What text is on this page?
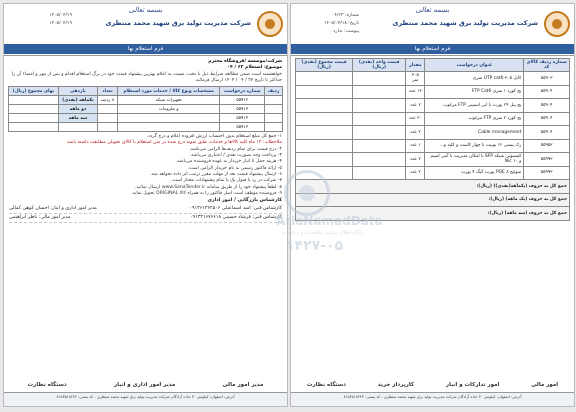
بسمه تعالی
شرکت مدیریت تولید برق شهید محمد منتظری
۱۴۰۵/۰۴/۱۹
۱۴۰۵/۰۴/۱۹
فرم استعلام بها
شرکت/موسسه /فروشگاه محترم
موضوع: استعلام ۶۳ / ۰۴
خواهشمند است ضمن مطالعه شرایط ذیل با دقت، نسبت به اعلام بهترین پیشنهاد قیمت خود در برگ استعلام اقدام و پس از مهر و امضاء آن را حداکثر تا تاریخ ۲۷ / ۰۴ / ۱۴۰۴ ارسال فرمائید.
ردیف	شماره درخواست	مشخصات ونوع کالا / خدمات مورد استعلام	تعداد	بازدهی	بهای مجموع (ریال)
	۵۵۹۱۲	تجهیزات شبکه	۸ ردیف	یکماهه (نقدی)	
	۵۵۹۱۳	و ملزومات		دو ماهه	
	۵۵۹۱۴			سه ماهه	
	۵۵۹۱۳				
۱- جمع کل مبلغ استعلام بدون احتساب ارزش افزوده اعلام و درج گردد.
ملاحظات: ۱۲ ماه کلیه کالاها و خدمات، طبق نمونه درج شده در متن استعلام با کالای تحویلی مطابقت داشته باشد.
۲- درج قیمت برای تمام ردیف‌ها الزامی می‌باشد.
۳- پرداخت وجه بصورت نقدی / اعتباری می‌باشد.
۴- هزینه حمل تا انبار خریدار به عهده فروشنده می‌باشد.
۵- ارائه فاکتور رسمی به نام خریدار الزامی است.
۶- ارسال پیشنهاد قیمت بعد از مهلت مقرر ترتیب اثر داده نخواهد شد.
۷- شرکت در رد یا قبول یک یا تمام پیشنهادات مختار است.
۸- لطفاً پیشنهاد خود را از طریق سامانه www.SanaTender.ir ارسال نمائید.
۹- فروشنده موظف است اصل فاکتور را به همراه کالا ORIGINAL تحویل نماید.
کارشناس بازرگانی / امور اداری
کارشناس فنی: امید اسماعیلی ۰۹۱۳۶۱۳۶۲۵۰۶
مدیر امور اداری و انبار: احسان کوهی کمالی
کارشناس فنی: فرشاد حسینی ۰۹۱۳۴۱۶۷۶۶۱۸
مدیر امور مالی: ناظر ابراهیمی
مدیر امور مالی
مدیر امور اداری و انبار
دستگاه نظارت
آدرس: اصفهان، کیلومتر ۳۰ جاده آزادگان شرکت مدیریت تولید برق شهید محمد منتظری - کد پستی: ۸۱۵۳۵۱۸۴۴۳
بسمه تعالی
شرکت مدیریت تولید برق شهید محمد منتظری
شماره: ۰۴/۶۳
تاریخ: ۱۴۰۵/۰۴/۱۸
پیوست: ندارد
فرم استعلام بها
شماره ردیف کالای کد	عنوان درخواست	مقدار	قیمت واحد (نقدی) (ریال)	قیمت مجموع (نقدی) (ریال)
۵۵۹۰۳	کابل UTP cat6-۳۰۵ متری	۳۰۵ متر		
۵۵۹۰۴	پچ کورد ۱ متری FTP Cat6	۱۲ عدد		
۵۵۹۰۴	پچ پنل ۲۴ پورت با ابی استینی FTP مرغوب	۲ عدد		
۵۵۹۰۴	پچ کورد ۲ متری FTP مرغوب	۲۰ عدد		
۵۵۹۰۴	Cable management	۲ عدد		
۵۵۹۵۳	رک پشتی ۱۲ یونیت با چهار کاست و کلید و...	۱ عدد		
۵۵۹۹۳	کیستونی شبکه SFP با امکان مدیریت با آنتی اسپم و Nic ۱۰	۲ عدد		
۵۵۹۹۳	سوئیچ POE ۸ پورت گیگ ۴ پورت	۲ عدد		
جمع کل به حروف (یکماهه(نقدی)) (ریال):				
جمع کل به حروف (یک ماهه) (ریال):				
جمع کل به حروف (سه ماهه) (ریال):				
امور مالی
امور تدارکات و انبار
کارپرداز خرید
دستگاه نظارت
آدرس: اصفهان، کیلومتر ۳۰ جاده آزادگان شرکت مدیریت تولید برق شهید محمد منتظری - کد پستی: ۸۱۵۳۵۱۸۴۴۳
AriaNamadData
پایگاه اطلاع رسانی مناقصات و مزایدات
۱۴۲۷-۰۵
